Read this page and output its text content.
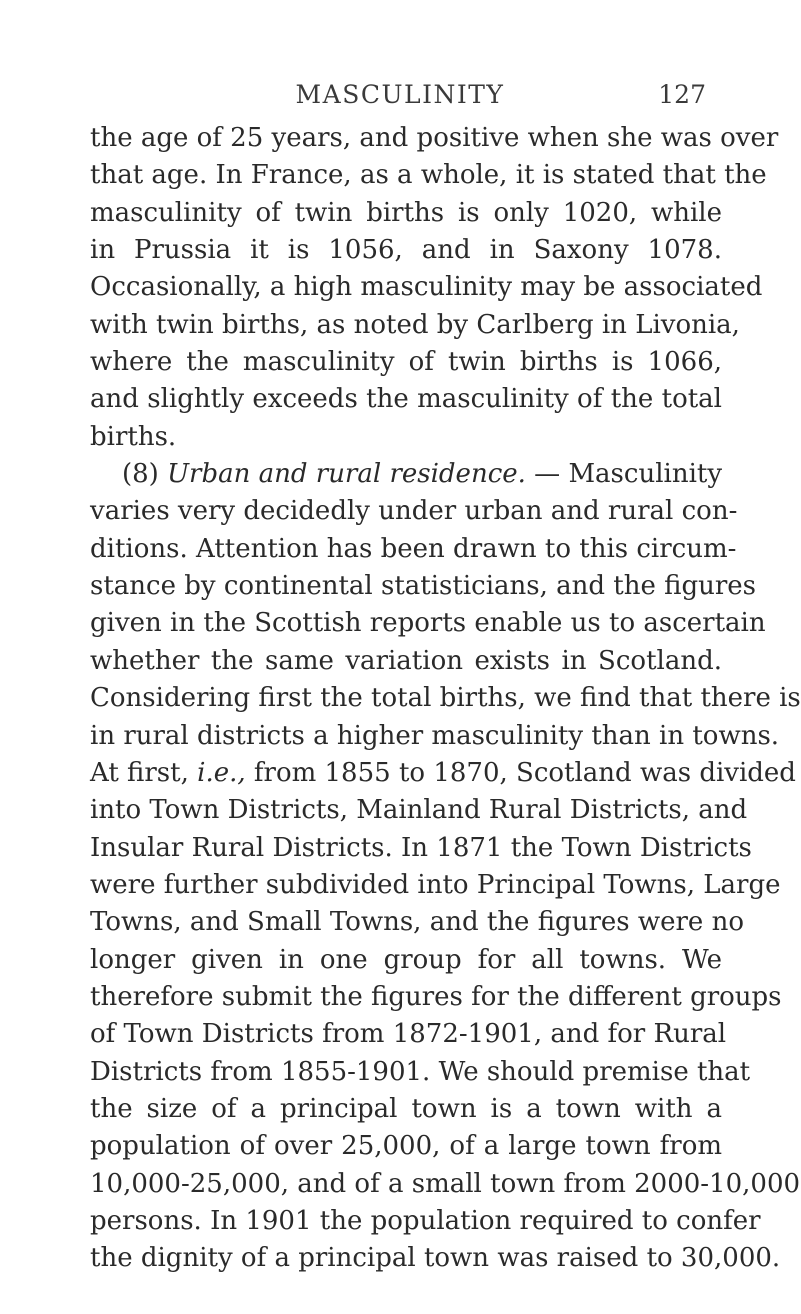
MASCULINITY	127
the age of 25 years, and positive when she was over
that age. In France, as a whole, it is stated that the
masculinity of twin births is only 1020, while
in Prussia it is 1056, and in Saxony 1078.
Occasionally, a high masculinity may be associated
with twin births, as noted by Carlberg in Livonia,
where the masculinity of twin births is 1066,
and slightly exceeds the masculinity of the total
births.
(8) Urban and rural residence. — Masculinity
varies very decidedly under urban and rural con-
ditions. Attention has been drawn to this circum-
stance by continental statisticians, and the figures
given in the Scottish reports enable us to ascertain
whether the same variation exists in Scotland.
Considering first the total births, we find that there is
in rural districts a higher masculinity than in towns.
At first, i.e., from 1855 to 1870, Scotland was divided
into Town Districts, Mainland Rural Districts, and
Insular Rural Districts. In 1871 the Town Districts
were further subdivided into Principal Towns, Large
Towns, and Small Towns, and the figures were no
longer given in one group for all towns. We
therefore submit the figures for the different groups
of Town Districts from 1872-1901, and for Rural
Districts from 1855-1901. We should premise that
the size of a principal town is a town with a
population of over 25,000, of a large town from
10,000-25,000, and of a small town from 2000-10,000
persons. In 1901 the population required to confer
the dignity of a principal town was raised to 30,000.
